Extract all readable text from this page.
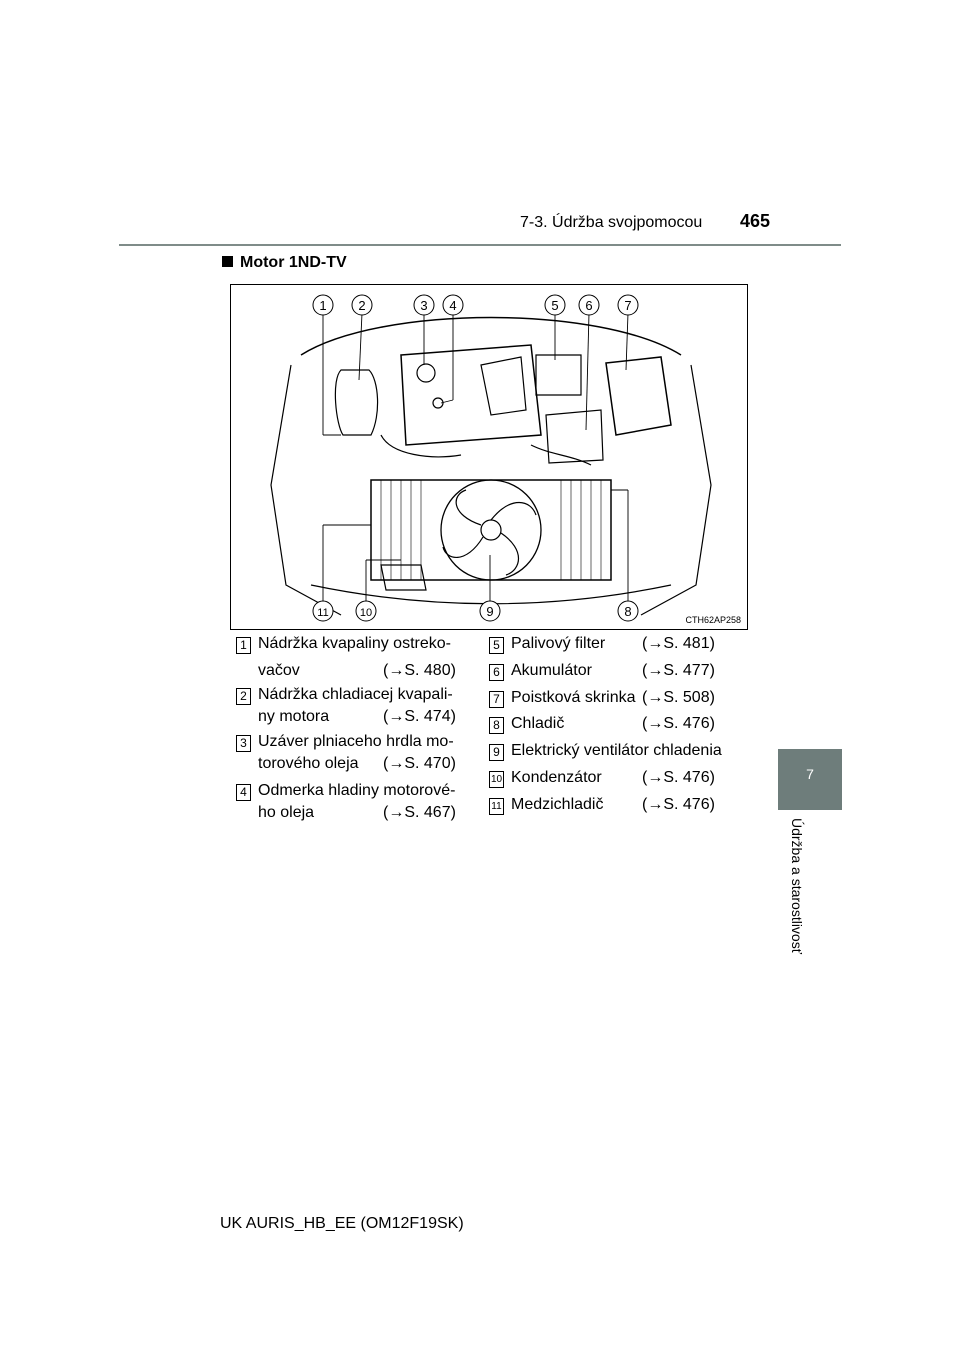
7-3. Údržba svojpomocou 465
7
Údržba a starostlivosť
Motor 1ND-TV
1 2	3 4	5 6 7
11	10	9	8
CTH62AP258
1 Nádržka kvapaliny ostreko-
vačov	(→S. 480)
2 Nádržka chladiacej kvapali-
ny motora	(→S. 474)
3 Uzáver plniaceho hrdla mo-
torového oleja (→S. 470)
4 Odmerka hladiny motorové-
ho oleja	(→S. 467)
5 Palivový filter (→S. 481)
6 Akumulátor	(→S. 477)
7 Poistková skrinka (→S. 508)
8 Chladič	(→S. 476)
9 Elektrický ventilátor chladenia
10 Kondenzátor	(→S. 476)
11 Medzichladič (→S. 476)
UK AURIS_HB_EE (OM12F19SK)
